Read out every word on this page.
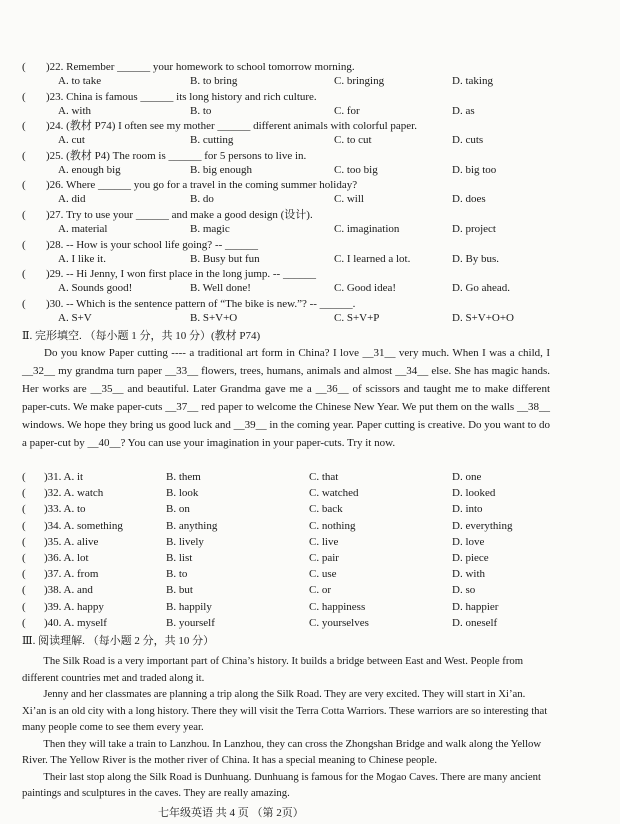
( )22. Remember ______ your homework to school tomorrow morning.
A. to take	B. to bring	C. bringing	D. taking
( )23. China is famous ______ its long history and rich culture.
A. with	B. to	C. for	D. as
( )24. (教材 P74) I often see my mother ______ different animals with colorful paper.
A. cut	B. cutting	C. to cut	D. cuts
( )25. (教材 P4) The room is ______ for 5 persons to live in.
A. enough big	B. big enough	C. too big	D. big too
( )26. Where ______ you go for a travel in the coming summer holiday?
A. did	B. do	C. will	D. does
( )27. Try to use your ______ and make a good design (设计).
A. material	B. magic	C. imagination	D. project
( )28. -- How is your school life going? -- ______
A. I like it.	B. Busy but fun	C. I learned a lot.	D. By bus.
( )29. -- Hi Jenny, I won first place in the long jump. -- ______
A. Sounds good!	B. Well done!	C. Good idea!	D. Go ahead.
( )30. -- Which is the sentence pattern of “The bike is new.”? -- ______.
A. S+V	B. S+V+O	C. S+V+P	D. S+V+O+O
Ⅱ. 完形填空. （每小题 1 分，共 10 分）(教材 P74)
Do you know Paper cutting ---- a traditional art form in China? I love __31__ very much. When I was a child, I __32__ my grandma turn paper __33__ flowers, trees, humans, animals and almost __34__ else. She has magic hands. Her works are __35__ and beautiful. Later Grandma gave me a __36__ of scissors and taught me to make different paper-cuts. We make paper-cuts __37__ red paper to welcome the Chinese New Year. We put them on the walls __38__ windows. We hope they bring us good luck and __39__ in the coming year. Paper cutting is creative. Do you want to do a paper-cut by __40__? You can use your imagination in your paper-cuts. Try it now.
( )31. A. it	B. them	C. that	D. one
( )32. A. watch	B. look	C. watched	D. looked
( )33. A. to	B. on	C. back	D. into
( )34. A. something	B. anything	C. nothing	D. everything
( )35. A. alive	B. lively	C. live	D. love
( )36. A. lot	B. list	C. pair	D. piece
( )37. A. from	B. to	C. use	D. with
( )38. A. and	B. but	C. or	D. so
( )39. A. happy	B. happily	C. happiness	D. happier
( )40. A. myself	B. yourself	C. yourselves	D. oneself
Ⅲ. 阅读理解. （每小题 2 分，共 10 分）
The Silk Road is a very important part of China’s history. It builds a bridge between East and West. People from different countries met and traded along it.
Jenny and her classmates are planning a trip along the Silk Road. They are very excited. They will start in Xi’an. Xi’an is an old city with a long history. There they will visit the Terra Cotta Warriors. These warriors are so interesting that many people come to see them every year.
Then they will take a train to Lanzhou. In Lanzhou, they can cross the Zhongshan Bridge and walk along the Yellow River. The Yellow River is the mother river of China. It has a special meaning to Chinese people.
Their last stop along the Silk Road is Dunhuang. Dunhuang is famous for the Mogao Caves. There are many ancient paintings and sculptures in the caves. They are really amazing.
七年级英语 共 4 页 （第 2页）
